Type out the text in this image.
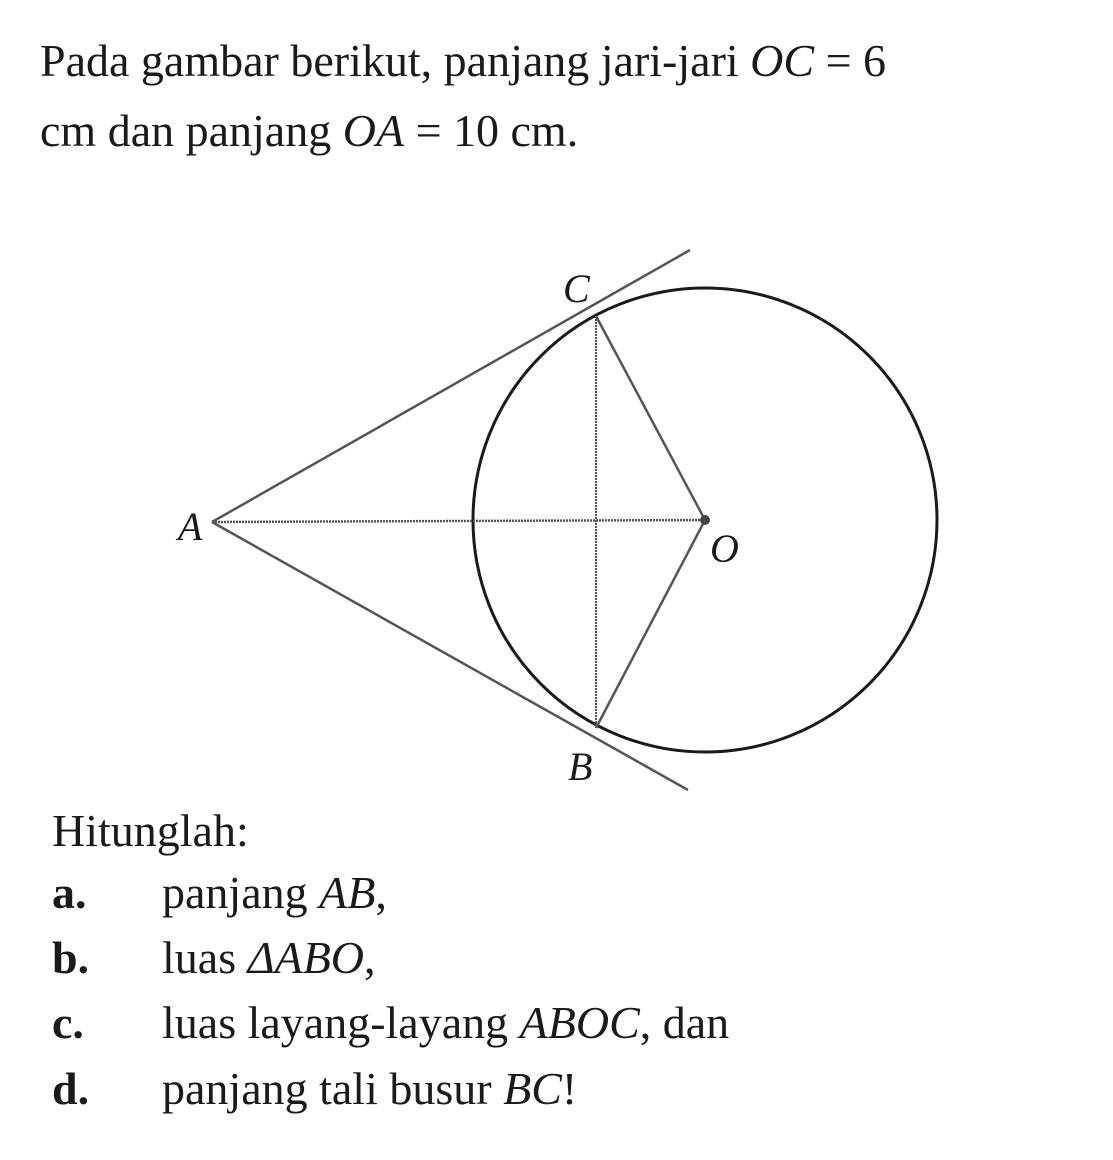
Pada gambar berikut, panjang jari-jari OC = 6
cm dan panjang OA = 10 cm.
A
C
O
B
Hitunglah:
a. panjang AB,
b. luas ΔABO,
c. luas layang-layang ABOC, dan
d. panjang tali busur BC!
